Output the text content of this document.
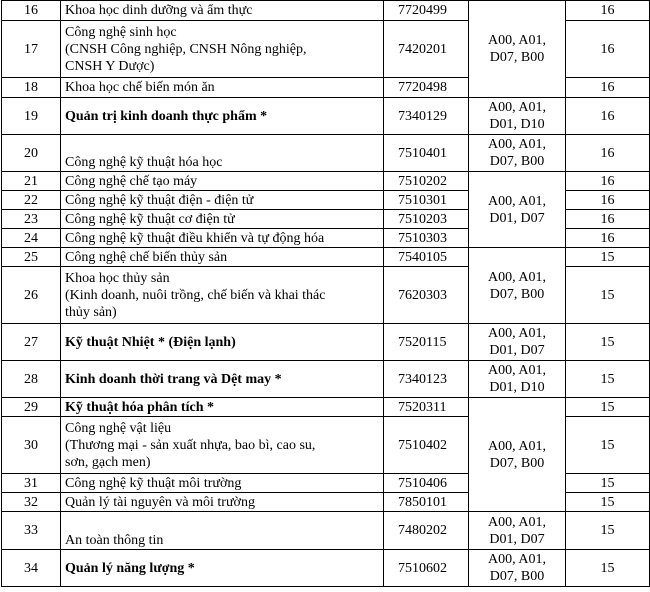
16	Khoa học dinh dưỡng và ẩm thực	7720499	A00, A01,
D07, B00	16
17	Công nghệ sinh học
(CNSH Công nghiệp, CNSH Nông nghiệp,
CNSH Y Dược)	7420201		16
18	Khoa học chế biến món ăn	7720498		16
19	Quản trị kinh doanh thực phẩm *	7340129	A00, A01,
D01, D10	16
20	Công nghệ kỹ thuật hóa học	7510401	A00, A01,
D07, B00	16
21	Công nghệ chế tạo máy	7510202	A00, A01,
D01, D07	16
22	Công nghệ kỹ thuật điện - điện tử	7510301		16
23	Công nghệ kỹ thuật cơ điện tử	7510203		16
24	Công nghệ kỹ thuật điều khiển và tự động hóa	7510303		16
25	Công nghệ chế biến thủy sản	7540105	A00, A01,
D07, B00	15
26	Khoa học thủy sản
(Kinh doanh, nuôi trồng, chế biến và khai thác
thủy sản)	7620303		15
27	Kỹ thuật Nhiệt * (Điện lạnh)	7520115	A00, A01,
D01, D07	15
28	Kinh doanh thời trang và Dệt may *	7340123	A00, A01,
D01, D10	15
29	Kỹ thuật hóa phân tích *	7520311	A00, A01,
D07, B00	15
30	Công nghệ vật liệu
(Thương mại - sản xuất nhựa, bao bì, cao su,
sơn, gạch men)	7510402		15
31	Công nghệ kỹ thuật môi trường	7510406		15
32	Quản lý tài nguyên và môi trường	7850101		15
33	An toàn thông tin	7480202	A00, A01,
D01, D07	15
34	Quản lý năng lượng *	7510602	A00, A01,
D07, B00	15
